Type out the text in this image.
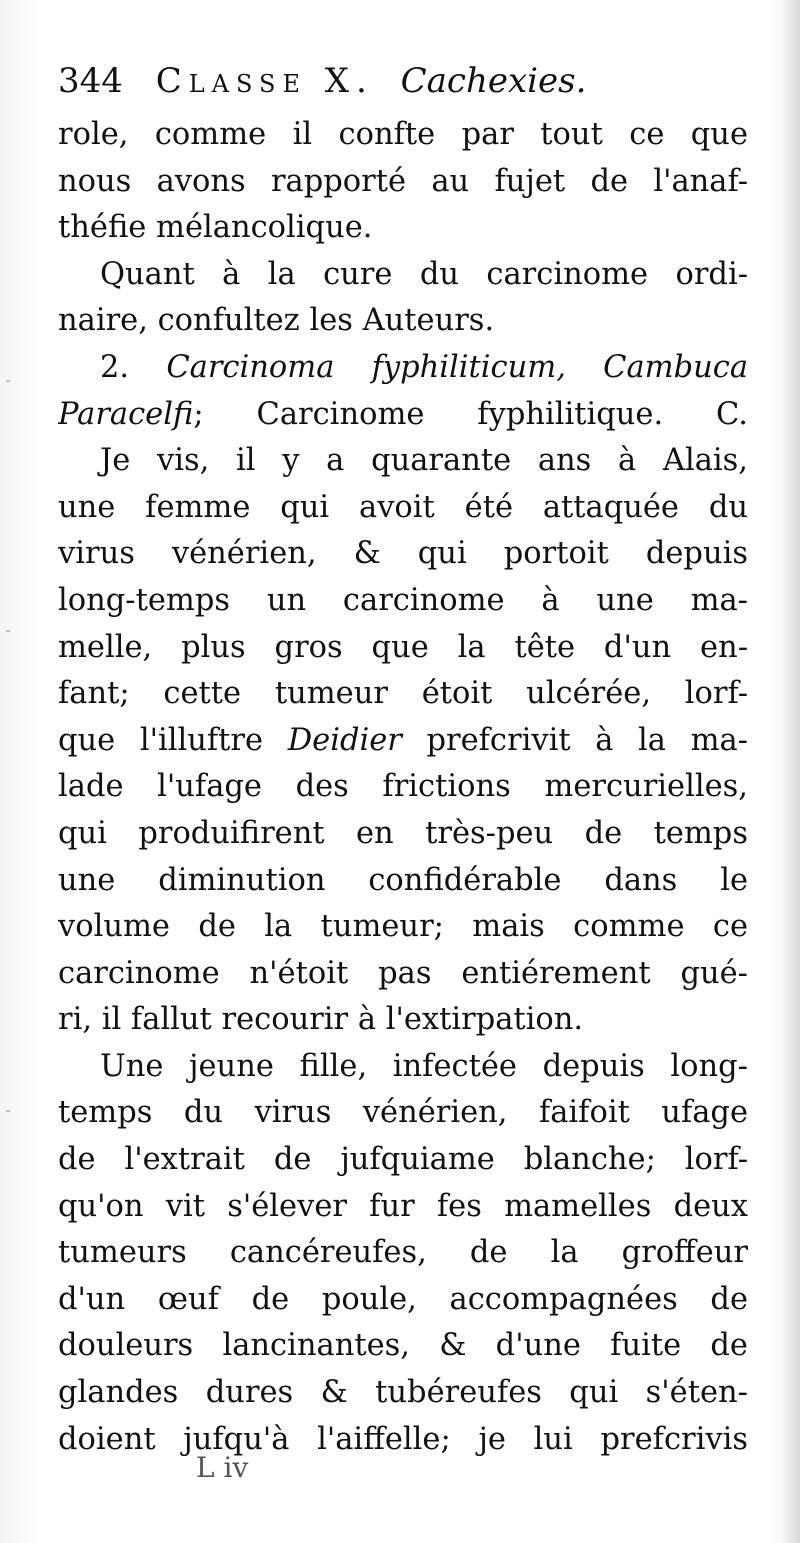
344 Classe X. Cachexies.
role, comme il confte par tout ce que
nous avons rapporté au fujet de l'anaf-
théfie mélancolique.
Quant à la cure du carcinome ordi-
naire, confultez les Auteurs.
2. Carcinoma fyphiliticum, Cambuca
Paracelfi; Carcinome fyphilitique. C.
Je vis, il y a quarante ans à Alais,
une femme qui avoit été attaquée du
virus vénérien, & qui portoit depuis
long-temps un carcinome à une ma-
melle, plus gros que la tête d'un en-
fant; cette tumeur étoit ulcérée, lorf-
que l'illuftre Deidier prefcrivit à la ma-
lade l'ufage des frictions mercurielles,
qui produifirent en très-peu de temps
une diminution confidérable dans le
volume de la tumeur; mais comme ce
carcinome n'étoit pas entiérement gué-
ri, il fallut recourir à l'extirpation.
Une jeune fille, infectée depuis long-
temps du virus vénérien, faifoit ufage
de l'extrait de jufquiame blanche; lorf-
qu'on vit s'élever fur fes mamelles deux
tumeurs cancéreufes, de la groffeur
d'un œuf de poule, accompagnées de
douleurs lancinantes, & d'une fuite de
glandes dures & tubéreufes qui s'éten-
doient jufqu'à l'aiffelle; je lui prefcrivis
L iv
